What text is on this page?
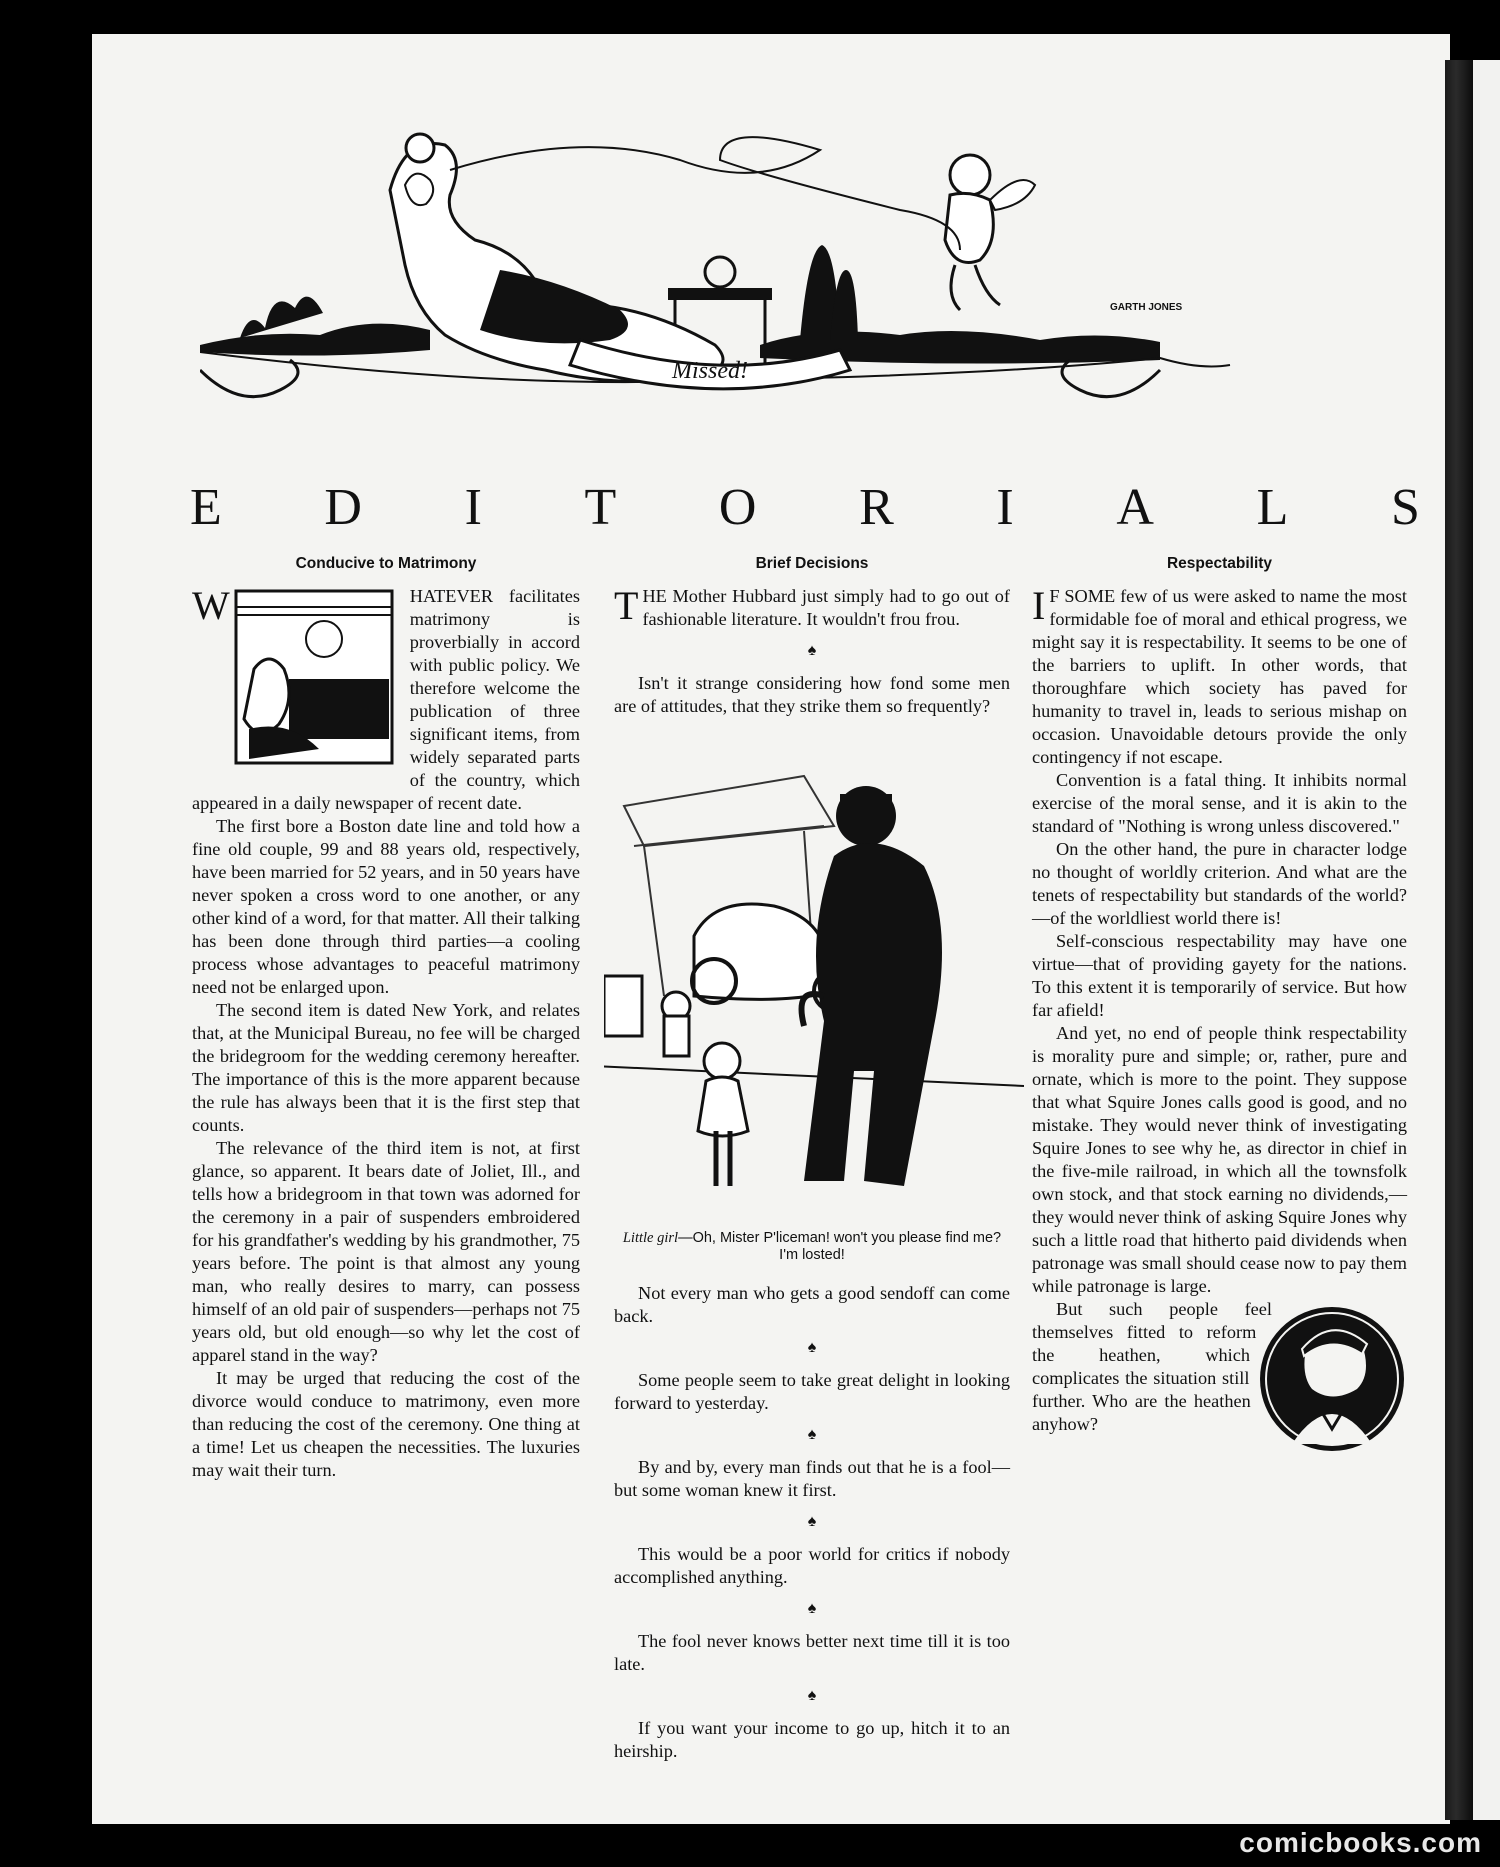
Missed!
GARTH JONES
E D I T O R I A L S
Conducive to Matrimony

W	HATEVER facilitates matrimony is proverbially in accord with public policy. We therefore welcome the publication of three significant items, from widely separated parts of the country, which appeared in a daily newspaper of recent date.

The first bore a Boston date line and told how a fine old couple, 99 and 88 years old, respectively, have been married for 52 years, and in 50 years have never spoken a cross word to one another, or any other kind of a word, for that matter. All their talking has been done through third parties—a cooling process whose advantages to peaceful matrimony need not be enlarged upon.

The second item is dated New York, and relates that, at the Municipal Bureau, no fee will be charged the bridegroom for the wedding ceremony hereafter. The importance of this is the more apparent because the rule has always been that it is the first step that counts.

The relevance of the third item is not, at first glance, so apparent. It bears date of Joliet, Ill., and tells how a bridegroom in that town was adorned for the ceremony in a pair of suspenders embroidered for his grandfather's wedding by his grandmother, 75 years before. The point is that almost any young man, who really desires to marry, can possess himself of an old pair of suspenders—perhaps not 75 years old, but old enough—so why let the cost of apparel stand in the way?

It may be urged that reducing the cost of the divorce would conduce to matrimony, even more than reducing the cost of the ceremony. One thing at a time! Let us cheapen the necessities. The luxuries may wait their turn.

Brief Decisions

THE Mother Hubbard just simply had to go out of fashionable literature. It wouldn't frou frou.

♠

Isn't it strange considering how fond some men are of attitudes, that they strike them so frequently?

Little girl—Oh, Mister P'liceman! won't you please find me? I'm losted!

Not every man who gets a good sendoff can come back.

♠

Some people seem to take great delight in looking forward to yesterday.

♠

By and by, every man finds out that he is a fool—but some woman knew it first.

♠

This would be a poor world for critics if nobody accomplished anything.

♠

The fool never knows better next time till it is too late.

♠

If you want your income to go up, hitch it to an heirship.

Respectability

I F SOME few of us were asked to name the most formidable foe of moral and ethical progress, we might say it is respectability. It seems to be one of the barriers to uplift. In other words, that thoroughfare which society has paved for humanity to travel in, leads to serious mishap on occasion. Unavoidable detours provide the only contingency if not escape.

Convention is a fatal thing. It inhibits normal exercise of the moral sense, and it is akin to the standard of "Nothing is wrong unless discovered."

On the other hand, the pure in character lodge no thought of worldly criterion. And what are the tenets of respectability but standards of the world?—of the worldliest world there is!

Self-conscious respectability may have one virtue—that of providing gayety for the nations. To this extent it is temporarily of service. But how far afield!

And yet, no end of people think respectability is morality pure and simple; or, rather, pure and ornate, which is more to the point. They suppose that what Squire Jones calls good is good, and no mistake. They would never think of investigating Squire Jones to see why he, as director in chief in the five-mile railroad, in which all the townsfolk own stock, and that stock earning no dividends,—they would never think of asking Squire Jones why such a little road that hitherto paid dividends when patronage was small should cease now to pay them while patronage is large.

But such people feel themselves fitted to reform the heathen, which complicates the situation still further. Who are the heathen anyhow?

comicbooks.com
